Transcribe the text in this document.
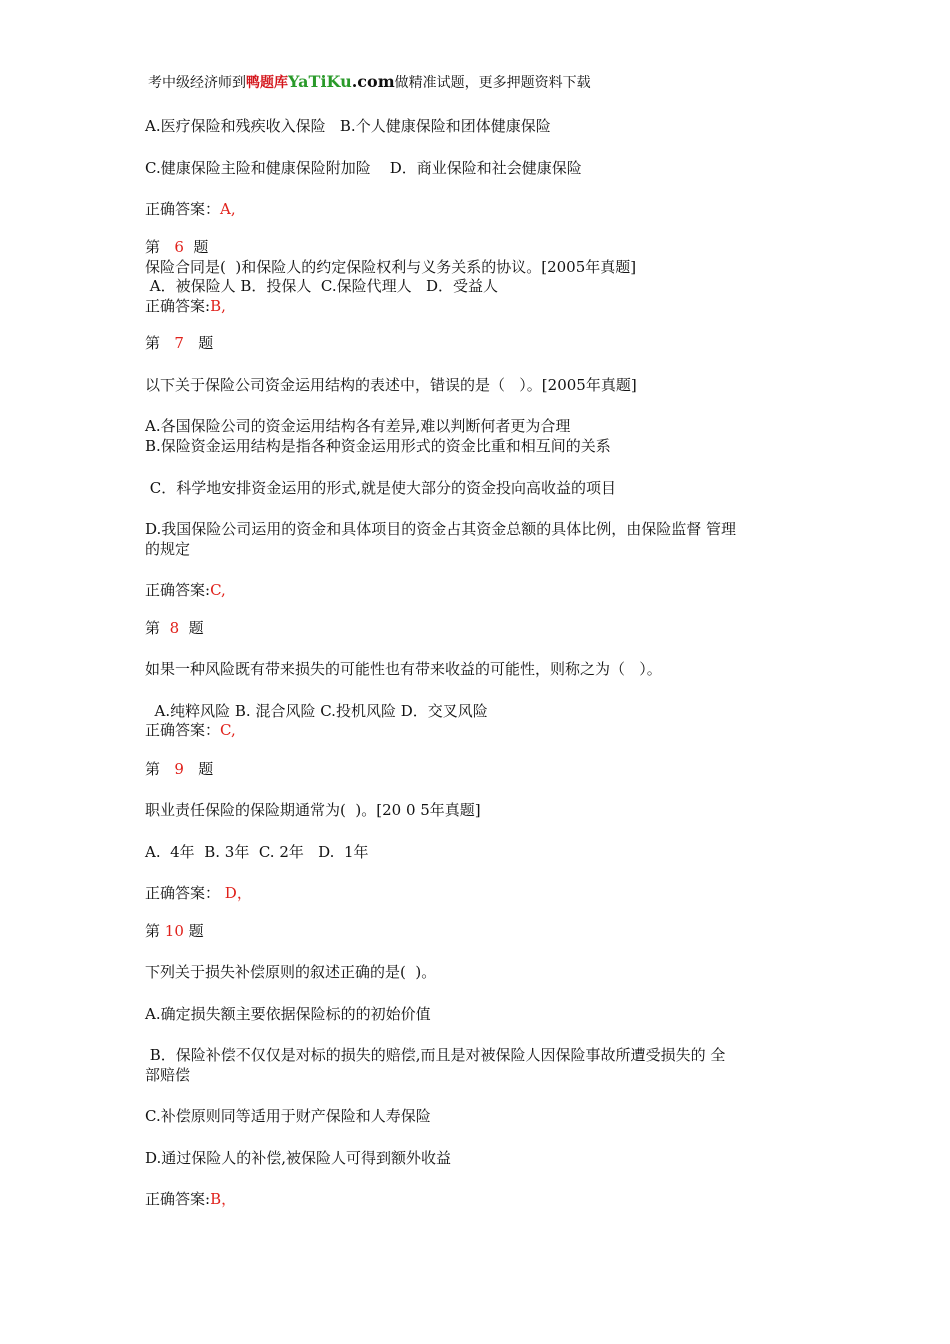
考中级经济师到鸭题库YaTiKu.com做精准试题，更多押题资料下载
A.医疗保险和残疾收入保险   B.个人健康保险和团体健康保险
C.健康保险主险和健康保险附加险    D．商业保险和社会健康保险
正确答案：A,
第 6 题
保险合同是(  )和保险人的约定保险权利与义务关系的协议。[2005年真题]
A．被保险人 B．投保人  C.保险代理人   D．受益人
正确答案:B,
第 7 题
以下关于保险公司资金运用结构的表述中，错误的是（   ）。[2005年真题]
A.各国保险公司的资金运用结构各有差异,难以判断何者更为合理
B.保险资金运用结构是指各种资金运用形式的资金比重和相互间的关系
C．科学地安排资金运用的形式,就是使大部分的资金投向高收益的项目
D.我国保险公司运用的资金和具体项目的资金占其资金总额的具体比例，由保险监督 管理
的规定
正确答案:C,
第 8 题
如果一种风险既有带来损失的可能性也有带来收益的可能性，则称之为（   ）。
A.纯粹风险 B. 混合风险 C.投机风险 D．交叉风险
正确答案：C,
第 9 题
职业责任保险的保险期通常为(  )。[20 0 5年真题]
A.  4年  B. 3年  C. 2年   D.  1年
正确答案： D，
第 10 题
下列关于损失补偿原则的叙述正确的是(  )。
A.确定损失额主要依据保险标的的初始价值
B．保险补偿不仅仅是对标的损失的赔偿,而且是对被保险人因保险事故所遭受损失的 全
部赔偿
C.补偿原则同等适用于财产保险和人寿保险
D.通过保险人的补偿,被保险人可得到额外收益
正确答案:B，
